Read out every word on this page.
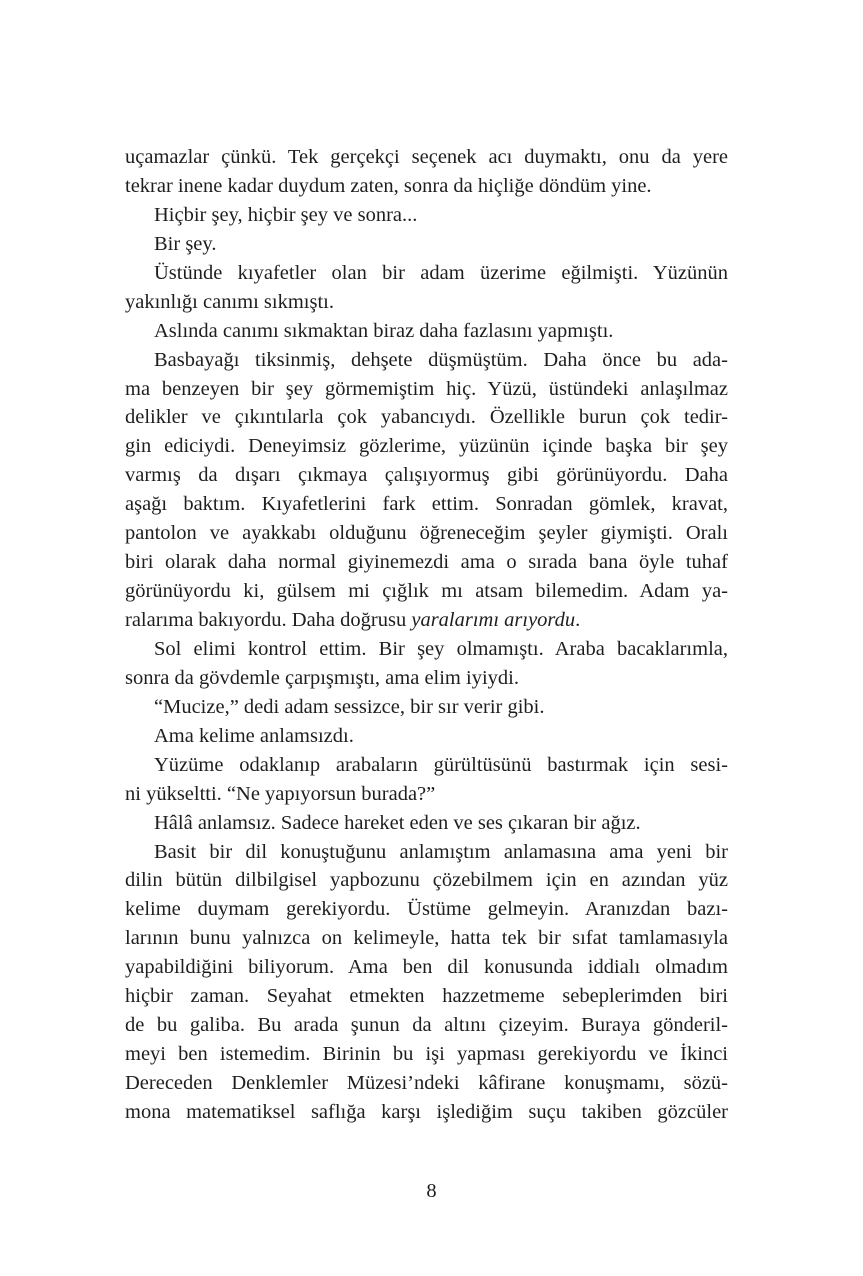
uçamazlar çünkü. Tek gerçekçi seçenek acı duymaktı, onu da yere
tekrar inene kadar duydum zaten, sonra da hiçliğe döndüm yine.
Hiçbir şey, hiçbir şey ve sonra...
Bir şey.
Üstünde kıyafetler olan bir adam üzerime eğilmişti. Yüzünün
yakınlığı canımı sıkmıştı.
Aslında canımı sıkmaktan biraz daha fazlasını yapmıştı.
Basbayağı tiksinmiş, dehşete düşmüştüm. Daha önce bu ada-
ma benzeyen bir şey görmemiştim hiç. Yüzü, üstündeki anlaşılmaz
delikler ve çıkıntılarla çok yabancıydı. Özellikle burun çok tedir-
gin ediciydi. Deneyimsiz gözlerime, yüzünün içinde başka bir şey
varmış da dışarı çıkmaya çalışıyormuş gibi görünüyordu. Daha
aşağı baktım. Kıyafetlerini fark ettim. Sonradan gömlek, kravat,
pantolon ve ayakkabı olduğunu öğreneceğim şeyler giymişti. Oralı
biri olarak daha normal giyinemezdi ama o sırada bana öyle tuhaf
görünüyordu ki, gülsem mi çığlık mı atsam bilemedim. Adam ya-
ralarıma bakıyordu. Daha doğrusu yaralarımı arıyordu.
Sol elimi kontrol ettim. Bir şey olmamıştı. Araba bacaklarımla,
sonra da gövdemle çarpışmıştı, ama elim iyiydi.
“Mucize,” dedi adam sessizce, bir sır verir gibi.
Ama kelime anlamsızdı.
Yüzüme odaklanıp arabaların gürültüsünü bastırmak için sesi-
ni yükseltti. “Ne yapıyorsun burada?”
Hâlâ anlamsız. Sadece hareket eden ve ses çıkaran bir ağız.
Basit bir dil konuştuğunu anlamıştım anlamasına ama yeni bir
dilin bütün dilbilgisel yapbozunu çözebilmem için en azından yüz
kelime duymam gerekiyordu. Üstüme gelmeyin. Aranızdan bazı-
larının bunu yalnızca on kelimeyle, hatta tek bir sıfat tamlamasıyla
yapabildiğini biliyorum. Ama ben dil konusunda iddialı olmadım
hiçbir zaman. Seyahat etmekten hazzetmeme sebeplerimden biri
de bu galiba. Bu arada şunun da altını çizeyim. Buraya gönderil-
meyi ben istemedim. Birinin bu işi yapması gerekiyordu ve İkinci
Dereceden Denklemler Müzesi’ndeki kâfirane konuşmamı, sözü-
mona matematiksel saflığa karşı işlediğim suçu takiben gözcüler
8
